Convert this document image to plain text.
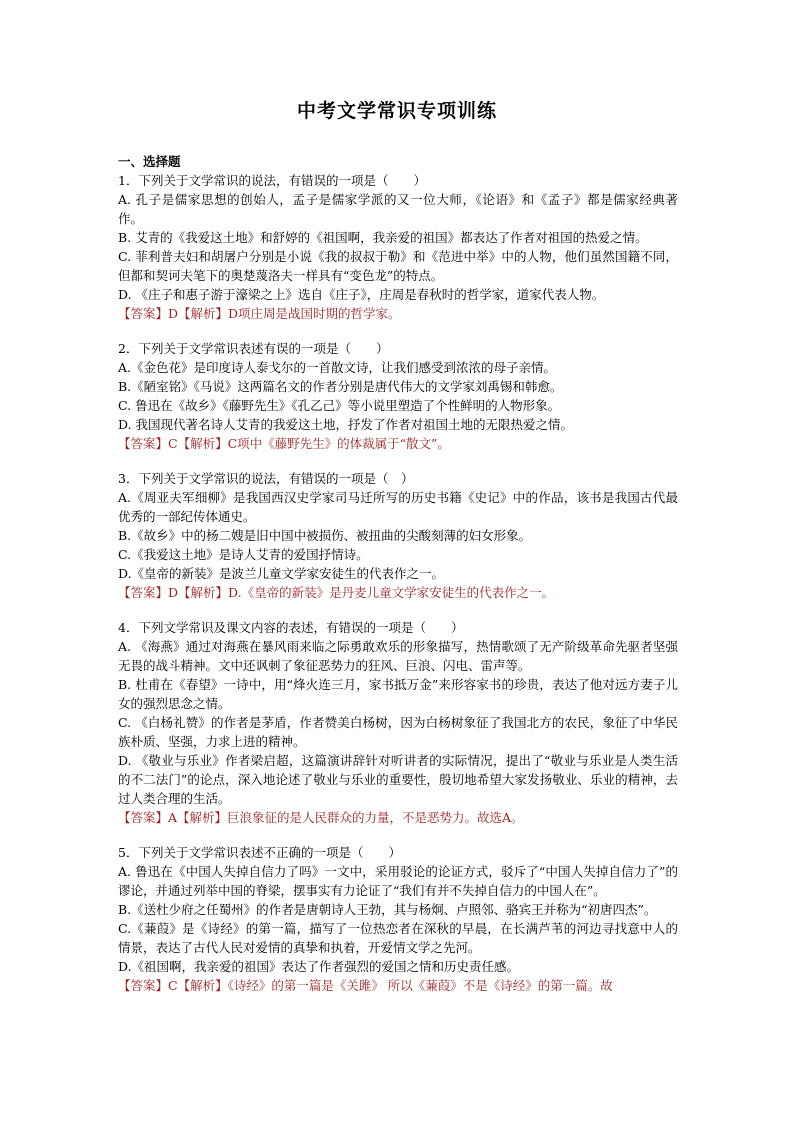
中考文学常识专项训练

一、选择题

1．下列关于文学常识的说法，有错误的一项是（　　）

A. 孔子是儒家思想的创始人，孟子是儒家学派的又一位大师，《论语》和《孟子》都是儒家经典著作。

B. 艾青的《我爱这土地》和舒婷的《祖国啊，我亲爱的祖国》都表达了作者对祖国的热爱之情。

C. 菲利普夫妇和胡屠户分别是小说《我的叔叔于勒》和《范进中举》中的人物，他们虽然国籍不同，但都和契诃夫笔下的奥楚蔑洛夫一样具有“变色龙”的特点。

D. 《庄子和惠子游于濠梁之上》选自《庄子》，庄周是春秋时的哲学家，道家代表人物。

【答案】D【解析】D项庄周是战国时期的哲学家。

2．下列关于文学常识表述有误的一项是（　　）

A.《金色花》是印度诗人泰戈尔的一首散文诗，让我们感受到浓浓的母子亲情。

B.《陋室铭》《马说》这两篇名文的作者分别是唐代伟大的文学家刘禹锡和韩愈。

C. 鲁迅在《故乡》《藤野先生》《孔乙己》等小说里塑造了个性鲜明的人物形象。

D. 我国现代著名诗人艾青的我爱这土地，抒发了作者对祖国土地的无限热爱之情。

【答案】C【解析】C项中《藤野先生》的体裁属于“散文”。

3．下列关于文学常识的说法，有错误的一项是（　）

A.《周亚夫军细柳》是我国西汉史学家司马迁所写的历史书籍《史记》中的作品，该书是我国古代最优秀的一部纪传体通史。

B.《故乡》中的杨二嫂是旧中国中被损伤、被扭曲的尖酸刻薄的妇女形象。

C.《我爱这土地》是诗人艾青的爱国抒情诗。

D.《皇帝的新装》是波兰儿童文学家安徒生的代表作之一。

【答案】D【解析】D.《皇帝的新装》是丹麦儿童文学家安徒生的代表作之一。

4．下列文学常识及课文内容的表述，有错误的一项是（　　）

A. 《海燕》通过对海燕在暴风雨来临之际勇敢欢乐的形象描写，热情歌颂了无产阶级革命先驱者坚强无畏的战斗精神。文中还讽刺了象征恶势力的狂风、巨浪、闪电、雷声等。

B. 杜甫在《春望》一诗中，用“烽火连三月，家书抵万金”来形容家书的珍贵，表达了他对远方妻子儿女的强烈思念之情。

C. 《白杨礼赞》的作者是茅盾，作者赞美白杨树，因为白杨树象征了我国北方的农民，象征了中华民族朴质、坚强，力求上进的精神。

D. 《敬业与乐业》作者梁启超，这篇演讲辞针对听讲者的实际情况，提出了“敬业与乐业是人类生活的不二法门”的论点，深入地论述了敬业与乐业的重要性，殷切地希望大家发扬敬业、乐业的精神，去过人类合理的生活。

【答案】A【解析】巨浪象征的是人民群众的力量，不是恶势力。故选A。

5．下列关于文学常识表述不正确的一项是（　　）

A. 鲁迅在《中国人失掉自信力了吗》一文中，采用驳论的论证方式，驳斥了“中国人失掉自信力了”的谬论，并通过列举中国的脊梁，摆事实有力论证了“我们有并不失掉自信力的中国人在”。

B.《送杜少府之任蜀州》的作者是唐朝诗人王勃，其与杨炯、卢照邻、骆宾王并称为“初唐四杰”。

C.《蒹葭》是《诗经》的第一篇，描写了一位热恋者在深秋的早晨，在长满芦苇的河边寻找意中人的情景，表达了古代人民对爱情的真挚和执着，开爱情文学之先河。

D.《祖国啊，我亲爱的祖国》表达了作者强烈的爱国之情和历史责任感。

【答案】C【解析】《诗经》的第一篇是《关雎》 所以《蒹葭》不是《诗经》的第一篇。故
